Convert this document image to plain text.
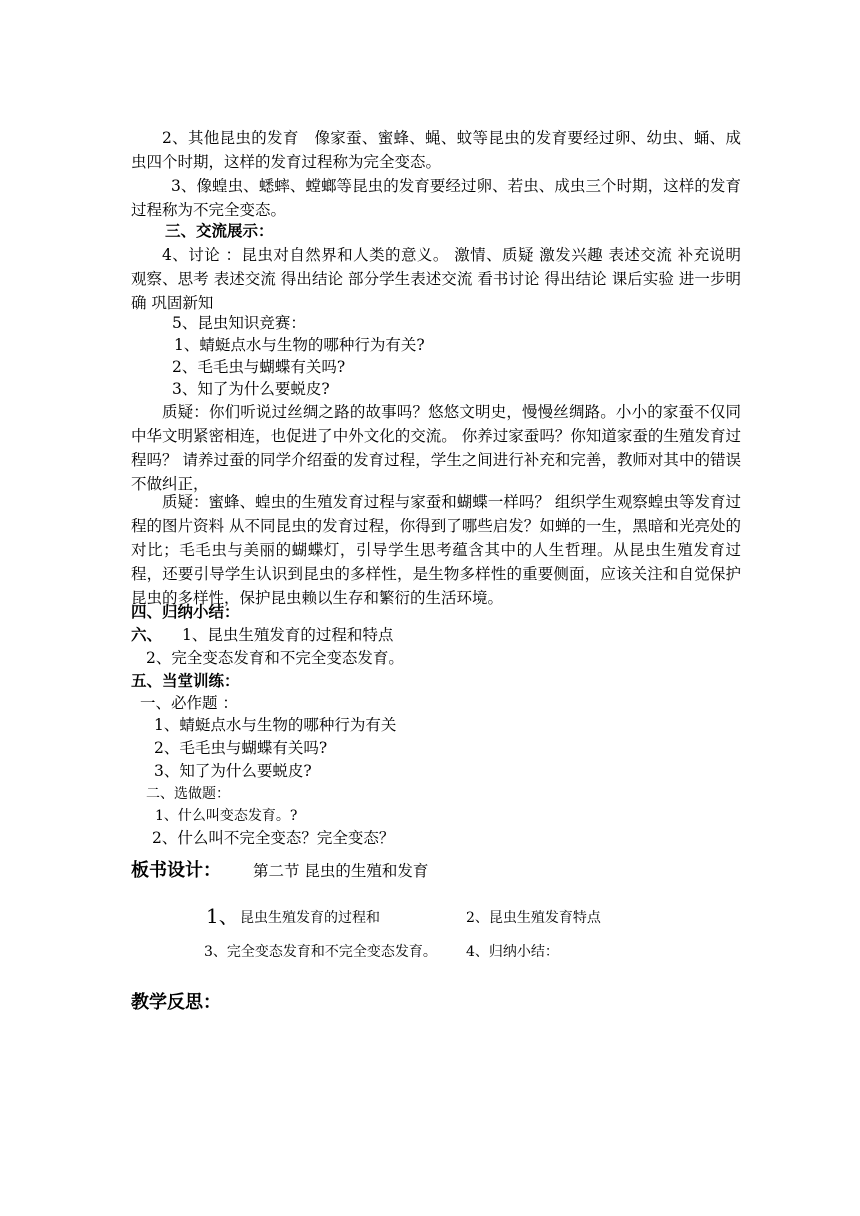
2、其他昆虫的发育　像家蚕、蜜蜂、蝇、蚊等昆虫的发育要经过卵、幼虫、蛹、成虫四个时期，这样的发育过程称为完全变态。

3、像蝗虫、蟋蟀、螳螂等昆虫的发育要经过卵、若虫、成虫三个时期，这样的发育过程称为不完全变态。

三、交流展示：

4、讨论 ：昆虫对自然界和人类的意义。 激情、质疑 激发兴趣 表述交流 补充说明 观察、思考 表述交流 得出结论 部分学生表述交流 看书讨论 得出结论 课后实验 进一步明确 巩固新知

5、昆虫知识竞赛：
1、蜻蜓点水与生物的哪种行为有关?
2、毛毛虫与蝴蝶有关吗?
3、知了为什么要蜕皮?

质疑：你们听说过丝绸之路的故事吗？悠悠文明史，慢慢丝绸路。小小的家蚕不仅同中华文明紧密相连，也促进了中外文化的交流。 你养过家蚕吗？你知道家蚕的生殖发育过程吗？ 请养过蚕的同学介绍蚕的发育过程，学生之间进行补充和完善，教师对其中的错误不做纠正，

质疑：蜜蜂、蝗虫的生殖发育过程与家蚕和蝴蝶一样吗？ 组织学生观察蝗虫等发育过程的图片资料 从不同昆虫的发育过程，你得到了哪些启发？如蝉的一生，黑暗和光亮处的对比；毛毛虫与美丽的蝴蝶灯，引导学生思考蕴含其中的人生哲理。从昆虫生殖发育过程，还要引导学生认识到昆虫的多样性，是生物多样性的重要侧面，应该关注和自觉保护昆虫的多样性，保护昆虫赖以生存和繁衍的生活环境。

四、归纳小结：
六、 1、昆虫生殖发育的过程和特点
2、完全变态发育和不完全变态发育。
五、当堂训练：
一、必作题 ：
1、蜻蜓点水与生物的哪种行为有关
2、毛毛虫与蝴蝶有关吗?
3、知了为什么要蜕皮?
二、选做题：
1、什么叫变态发育。?
2、什么叫不完全变态？完全变态？
板书设计： 第二节 昆虫的生殖和发育
1、 昆虫生殖发育的过程和	2、昆虫生殖发育特点
3、完全变态发育和不完全变态发育。 4、归纳小结：
教学反思：
